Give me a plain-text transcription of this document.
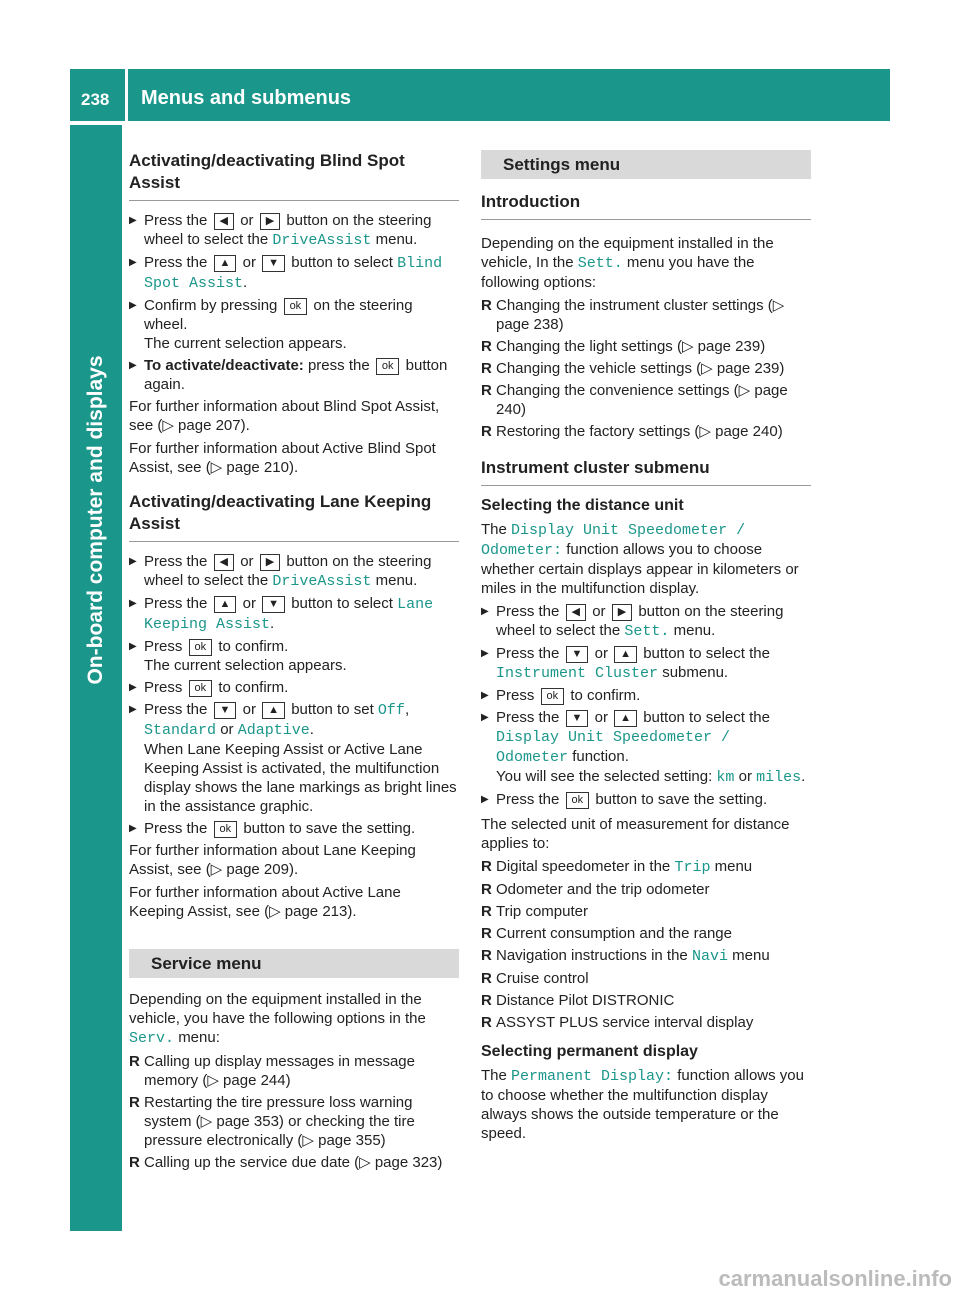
238 Menus and submenus
On-board computer and displays
Activating/deactivating Blind Spot Assist
▶ Press the ◀ or ▶ button on the steering wheel to select the DriveAssist menu.
▶ Press the ▲ or ▼ button to select Blind Spot Assist.
▶ Confirm by pressing ok on the steering wheel.
The current selection appears.
▶ To activate/deactivate: press the ok button again.

For further information about Blind Spot Assist, see (▷ page 207).

For further information about Active Blind Spot Assist, see (▷ page 210).

Activating/deactivating Lane Keeping Assist
▶ Press the ◀ or ▶ button on the steering wheel to select the DriveAssist menu.
▶ Press the ▲ or ▼ button to select Lane Keeping Assist.
▶ Press ok to confirm.
The current selection appears.
▶ Press ok to confirm.
▶ Press the ▼ or ▲ button to set Off, Standard or Adaptive.
When Lane Keeping Assist or Active Lane Keeping Assist is activated, the multifunction display shows the lane markings as bright lines in the assistance graphic.
▶ Press the ok button to save the setting.

For further information about Lane Keeping Assist, see (▷ page 209).

For further information about Active Lane Keeping Assist, see (▷ page 213).

Service menu

Depending on the equipment installed in the vehicle, you have the following options in the Serv. menu:

R Calling up display messages in message memory (▷ page 244)
R Restarting the tire pressure loss warning system (▷ page 353) or checking the tire pressure electronically (▷ page 355)
R Calling up the service due date (▷ page 323)
Settings menu
Introduction

Depending on the equipment installed in the vehicle, In the Sett. menu you have the following options:

R Changing the instrument cluster settings (▷ page 238)
R Changing the light settings (▷ page 239)
R Changing the vehicle settings (▷ page 239)
R Changing the convenience settings (▷ page 240)
R Restoring the factory settings (▷ page 240)
Instrument cluster submenu
Selecting the distance unit

The Display Unit Speedometer / Odometer: function allows you to choose whether certain displays appear in kilometers or miles in the multifunction display.

▶ Press the ◀ or ▶ button on the steering wheel to select the Sett. menu.
▶ Press the ▼ or ▲ button to select the Instrument Cluster submenu.
▶ Press ok to confirm.
▶ Press the ▼ or ▲ button to select the Display Unit Speedometer / Odometer function.
You will see the selected setting: km or miles.
▶ Press the ok button to save the setting.

The selected unit of measurement for distance applies to:

R Digital speedometer in the Trip menu
R Odometer and the trip odometer
R Trip computer
R Current consumption and the range
R Navigation instructions in the Navi menu
R Cruise control
R Distance Pilot DISTRONIC
R ASSYST PLUS service interval display
Selecting permanent display

The Permanent Display: function allows you to choose whether the multifunction display always shows the outside temperature or the speed.

carmanualsonline.info
